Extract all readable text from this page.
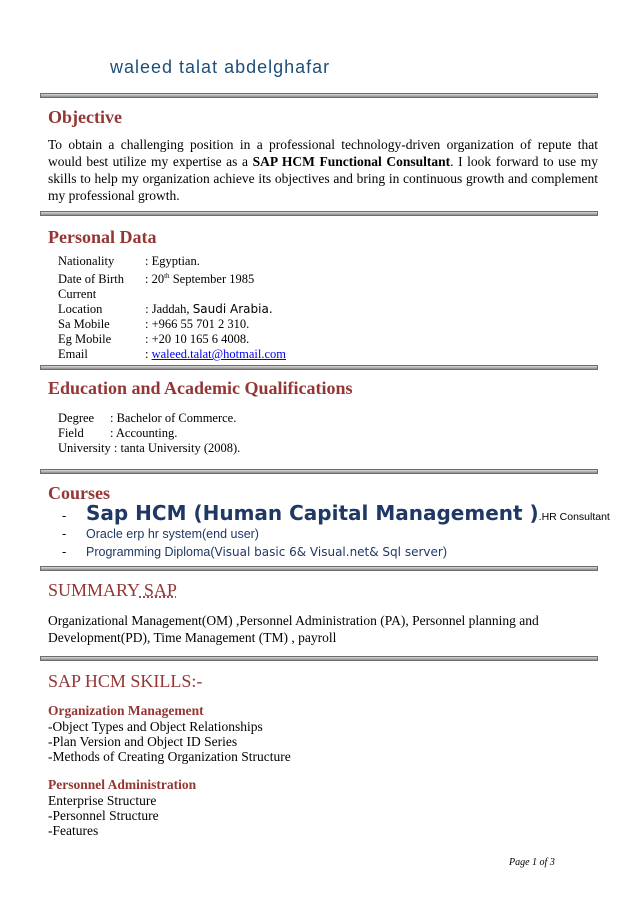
waleed talat abdelghafar
Objective
To obtain a challenging position in a professional technology-driven organization of repute that would best utilize my expertise as a SAP HCM Functional Consultant. I look forward to use my skills to help my organization achieve its objectives and bring in continuous growth and complement my professional growth.
Personal Data
Nationality : Egyptian.
Date of Birth : 20th September 1985
Current Location	: Jaddah, Saudi Arabia.
Sa Mobile	: +966 55 701 2 310.
Eg Mobile	: +20 10 165 6 4008.
Email	: waleed.talat@hotmail.com
Education and Academic Qualifications
Degree : Bachelor of Commerce.
Field : Accounting.
University : tanta University (2008).
Courses
- Sap HCM (Human Capital Management ) .HR Consultant
-	Oracle erp hr system(end user)
-	Programming Diploma( Visual basic 6& Visual.net& Sql server )
SUMMARY SAP
Organizational Management(OM) ,Personnel Administration (PA), Personnel planning and Development(PD), Time Management (TM) , payroll
SAP HCM SKILLS:-
Organization Management
-Object Types and Object Relationships
-Plan Version and Object ID Series
-Methods of Creating Organization Structure
Personnel Administration
Enterprise Structure
-Personnel Structure
-Features
Page 1 of 3
